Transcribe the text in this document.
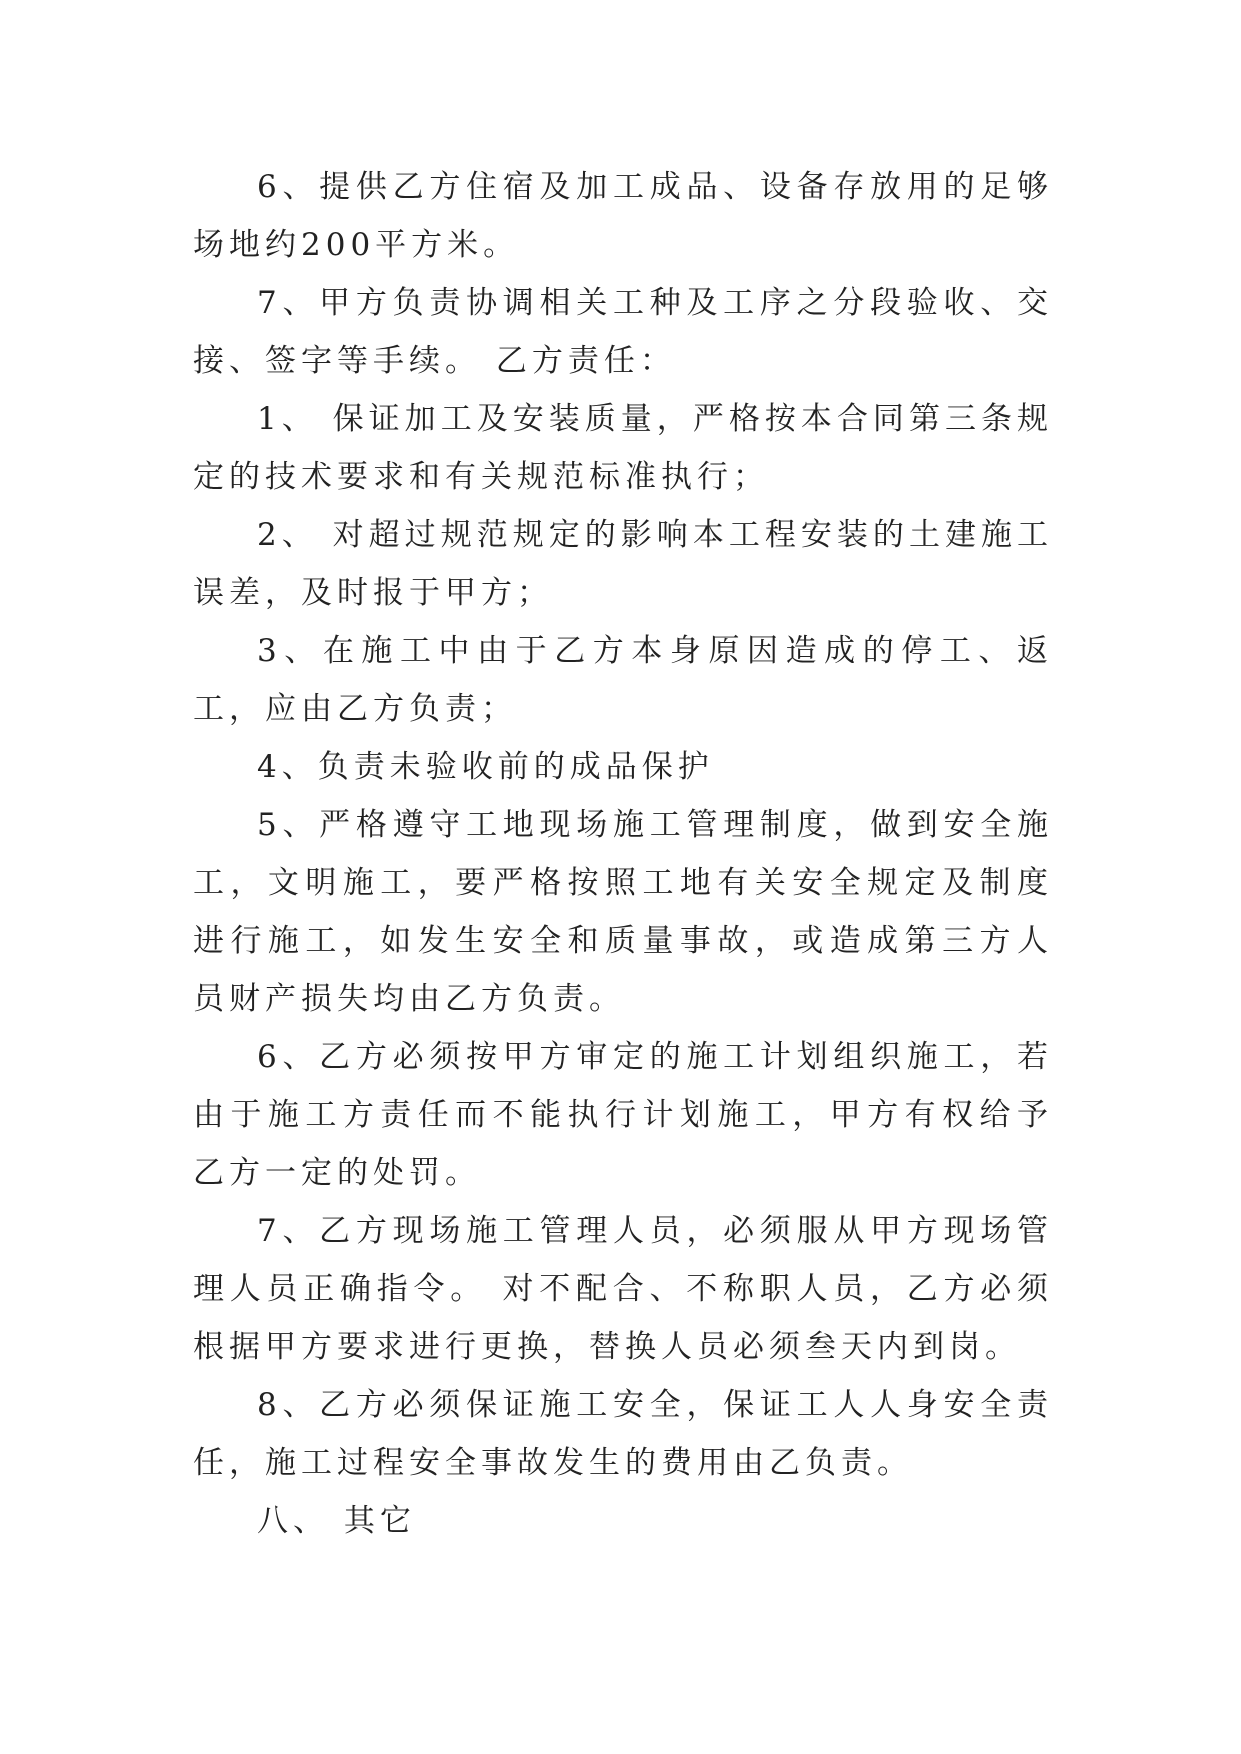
6、提供乙方住宿及加工成品、设备存放用的足够场地约200平方米。

7、甲方负责协调相关工种及工序之分段验收、交接、签字等手续。 乙方责任：

1、 保证加工及安装质量，严格按本合同第三条规定的技术要求和有关规范标准执行；

2、 对超过规范规定的影响本工程安装的土建施工误差，及时报于甲方；

3、在施工中由于乙方本身原因造成的停工、返工，应由乙方负责；

4、负责未验收前的成品保护

5、严格遵守工地现场施工管理制度，做到安全施工，文明施工，要严格按照工地有关安全规定及制度进行施工，如发生安全和质量事故，或造成第三方人员财产损失均由乙方负责。

6、乙方必须按甲方审定的施工计划组织施工，若由于施工方责任而不能执行计划施工，甲方有权给予乙方一定的处罚。

7、乙方现场施工管理人员，必须服从甲方现场管理人员正确指令。 对不配合、不称职人员，乙方必须根据甲方要求进行更换，替换人员必须叁天内到岗。

8、乙方必须保证施工安全，保证工人人身安全责任，施工过程安全事故发生的费用由乙负责。

八、 其它
